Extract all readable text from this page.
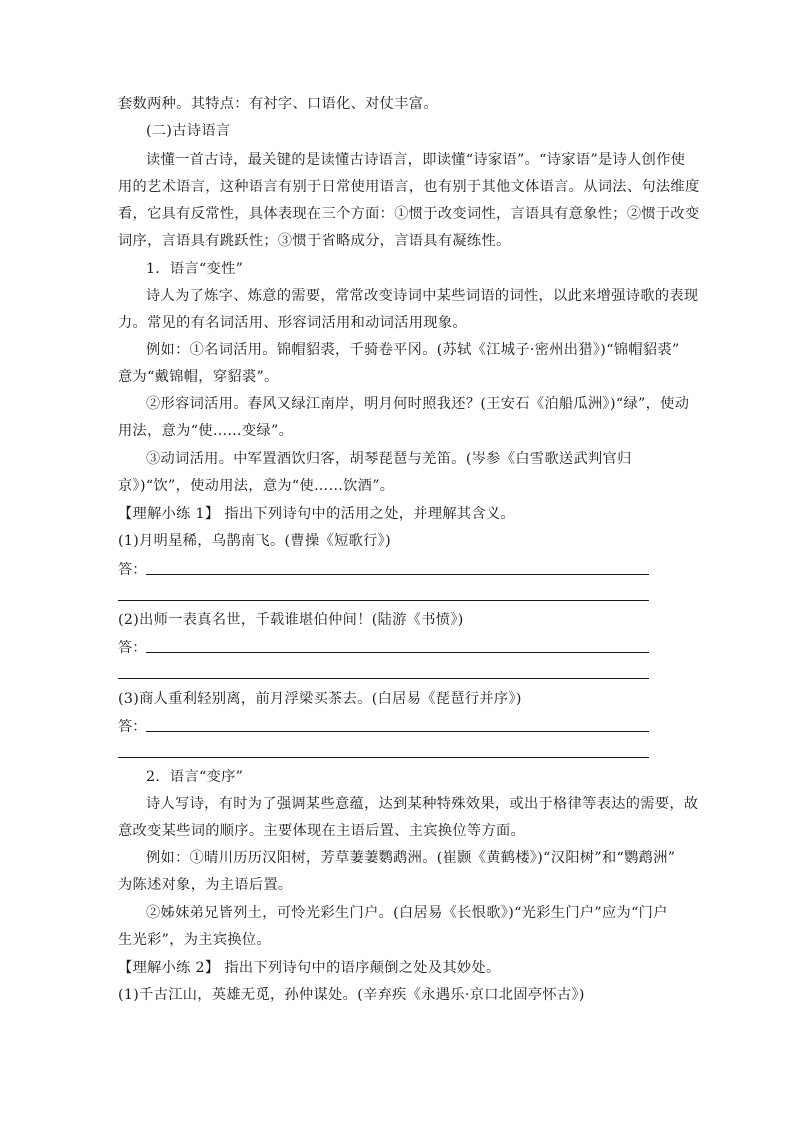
套数两种。其特点：有衬字、口语化、对仗丰富。
(二)古诗语言
读懂一首古诗，最关键的是读懂古诗语言，即读懂“诗家语”。“诗家语”是诗人创作使
用的艺术语言，这种语言有别于日常使用语言，也有别于其他文体语言。从词法、句法维度
看，它具有反常性，具体表现在三个方面：①惯于改变词性，言语具有意象性；②惯于改变
词序，言语具有跳跃性；③惯于省略成分，言语具有凝练性。
1．语言“变性”
诗人为了炼字、炼意的需要，常常改变诗词中某些词语的词性，以此来增强诗歌的表现
力。常见的有名词活用、形容词活用和动词活用现象。
例如：①名词活用。锦帽貂裘，千骑卷平冈。(苏轼《江城子·密州出猎》)“锦帽貂裘”
意为“戴锦帽，穿貂裘”。
②形容词活用。春风又绿江南岸，明月何时照我还？(王安石《泊船瓜洲》)“绿”，使动
用法，意为“使……变绿”。
③动词活用。中军置酒饮归客，胡琴琵琶与羌笛。(岑参《白雪歌送武判官归
京》)“饮”，使动用法，意为“使……饮酒”。
【理解小练 1】 指出下列诗句中的活用之处，并理解其含义。
(1)月明星稀，乌鹊南飞。(曹操《短歌行》)
答：
(2)出师一表真名世，千载谁堪伯仲间！(陆游《书愤》)
答：
(3)商人重利轻别离，前月浮梁买茶去。(白居易《琵琶行并序》)
答：
2．语言“变序”
诗人写诗，有时为了强调某些意蕴，达到某种特殊效果，或出于格律等表达的需要，故
意改变某些词的顺序。主要体现在主语后置、主宾换位等方面。
例如：①晴川历历汉阳树，芳草萋萋鹦鹉洲。(崔颢《黄鹤楼》)“汉阳树”和“鹦鹉洲”
为陈述对象，为主语后置。
②姊妹弟兄皆列土，可怜光彩生门户。(白居易《长恨歌》)“光彩生门户”应为“门户
生光彩”，为主宾换位。
【理解小练 2】 指出下列诗句中的语序颠倒之处及其妙处。
(1)千古江山，英雄无觅，孙仲谋处。(辛弃疾《永遇乐·京口北固亭怀古》)
